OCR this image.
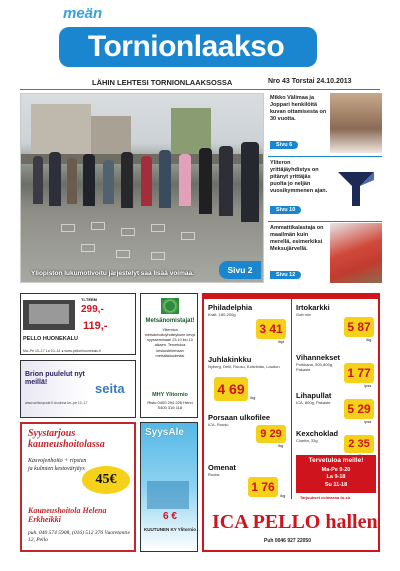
meän
Tornionlaakso
LÄHIN LEHTESI TORNIONLAAKSOSSA	Nro 43 Torstai 24.10.2013
Yliopiston lukumotivoitu järjestelyt saa lisää voimaa.	Sivu 2
Mikko Välimaa ja Joppari henkilöitä kuvan ottamisesta on 30 vuotta.
Sivu 6
Yliteron yrittäjäyhdistys on pitänyt yrittäjäs puolta jo neljän vuosikymmenen ajan.
Sivu 10
Ammattikalastaja on maailmän kuin merellä, esimerkiksi Meksujärvellä.
Sivu 12
TI-TEEM
299,-
119,-
PELLO HUONEKALU
Ma–Pe 10–17 La 10–14 ● www.pellonhuonekalu.fi
Brion puulelut nyt meillä!	seita
www.seitanpuoti.fi Avoinna ke–pe 12–17
Syystarjous kauneushoitolassa
Kasvojenhoito + ripsien ja kulmien kestovärjäys
45€
Kauneushoitola Helena Erkheikki
puh. 040 574 5908, (016) 512 376 Vuoretantie 12, Pello
Metsänomistajat!
Yliternion metsänhoitoyhdistyksen kevyt syysseminaari 23.10 klo 10 alkaen. Tervetuloa keskustelemaan metsätaloudesta!
MHY Ylitornio
Risto 0400 294 226 Henri 0400 316 118
SyysAle
6 €
KUUTUNEN KY Ylitornio
Philadelphia
Kraft, 180-200g
3 41
/kpl
Juhlakinkku
Nyberg, Delli, Ruusu, Kotiviiriäs, Laudon
4 69
/kg
Porsaan ulkofilee
ICA, Ruusu
9 29
/kg
Omenat
Ruotsi
1 76
/kg
Irtokarkki
Gott mix
5 87
/kg
Vihannekset
Porkkana, 500-800g, Pakaste	1 77
/pss
Lihapullat
ICA, 800g, Pakaste	5 29
/pss
Kexchoklad
Cloetta, 33g	2 35
Tervetuloa meille!
Ma-Pe 9-20
La 9-18
Su 11-18
Tarjoukset voimassa to-su
ICA PELLO hallen
Puh 0046 927 22050
